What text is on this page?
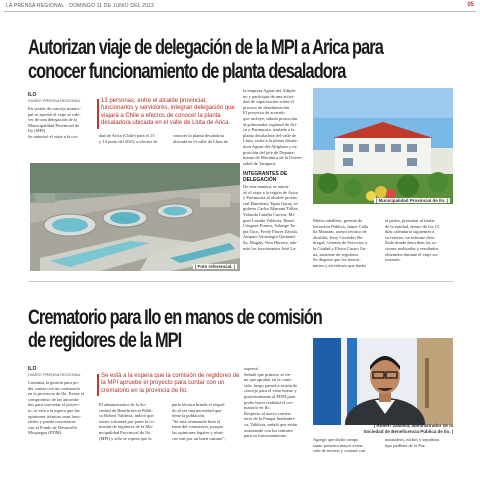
LA PRENSA REGIONAL · DOMINGO 11 DE JUNIO DEL 2023	05
Autorizan viaje de delegación de la MPI a Arica para
conocer funcionamiento de planta desaladora
ILO
DIARIO PRENSA REGIONAL
En sesión de concejo munici-
pal se aprobó el viaje al vale-
ver de una delegación de la
Municipalidad Provincial de
Ilo (MPI).
Se autorizó el viaje a la ciu-
13 personas, entre el alcalde provincial,
funcionarios y servidores, integran delegación que
viajará a Chile a efectos de conocer la planta
desaladora ubicada en el valle de Lluta de Arica.
dad de Arica (Chile) para el 13
y 14 junio del 2023, a efectos de
conocer la planta desaladora
ubicada en el valle de Lluta de
la empresa Aguas del Altipla-
no y participar de una activi-
dad de capacitación sobre el
proceso de desalinización.
El proyecto de acuerdo
que incluye, saludo protocolar
al gobernador regional de Ari-
ca y Parinacota, traslado a la
planta desaladora del valle de
Lluta, visita a la planta desala-
dora Aguas del Altiplano y ex-
posición del jefe de Departa-
mento de Mecánica de la Univer-
sidad de Tarapacá.
INTEGRANTES DE DELEGACIÓN
De esta manera, se autori-
zó el viaje a la región de Arica
y Parinacota al alcalde provin-
cial Humberto Tapia Garay, re-
gidores Carlos Mamani Téllez,
Yolanda Cutalla Cuevas, Mi-
guel Lozada Valdivia, Hanet
Cóngora Franco, Solange Ta-
pia Taco, Fredy Flores Zavala,
Amparo Verástegui Quintani-
lla, Magaly Vera Herrera, ade-
más los funcionarios José La-
Motta caballero, gerente de
Inversión Pública; Jaime Calla
lla Mamani, asesor técnico de
alcaldía; Jerry Caviedes Be-
dregal, Gerente de Servicios a
la Ciudad y Elvira Castro Gu-
na, asistente de regidores.
Se dispone que los funcio-
narios y servidores que harán
el perito, presentar al titular
de la entidad, dentro de los 15
días calendario siguientes a
su retorno, un informe deta-
llado donde describan las ac-
ciones realizadas y resultados
obtenidos durante el viaje au-
torizado.
| Foto referencial. |
| Municipalidad Provincial de Ilo. |
Crematorio para Ilo en manos de comisión
de regidores de la MPI
ILO
DIARIO PRENSA REGIONAL
Continúa la gestión para po-
der contar con un crematorio
en la provincia de Ilo. Existe el
compromiso de las autorida-
des para concretar el proyec-
to, se está a la espera que las
opiniones técnicas sean favo-
rables y pueda concretarse
con el Fondo de Desarrollo
Moquegua (FDM).
Se está a la espera que la comisión de regidores de
la MPI apruebe el proyecto para contar con un
crematorio en la provincia de Ilo.
El administrador de la So-
ciedad de Beneficencia Públi-
ca Robert Valdivia, indicó que
existe voluntad por parte la co-
misión de regidores de la Mu-
nicipalidad Provincial de Ilo
(MPI) y sólo se espera que la
parte técnica brinde el respal-
do al ser una necesidad que
tiene la población.
"Se está avanzando bien el
tema del crematorio, porque
las opiniones legales y técni-
cas van por un buen camino",
expresó.
Señaló que primero se tie-
ne que aprobar en la comi-
sión, luego pasará a sesión de
concejo para el visto bueno y
posteriormente al FDM para
poder hacer realidad el cre-
matorio en Ilo.
Respecto al nuevo cemen-
terio de la Pampa Inalámbri-
ca, Valdivia, señaló que están
avanzando con los trámites
para su funcionamiento.
| Robert Valdivia, administrador de la
Sociedad de Beneficencia Pública de Ilo. |
Agregó que dicho campo
santo presenta mayor exten-
sión de terreno y contará con
mausoleos, nichos y sepultura
tipo jardines de la Paz.
